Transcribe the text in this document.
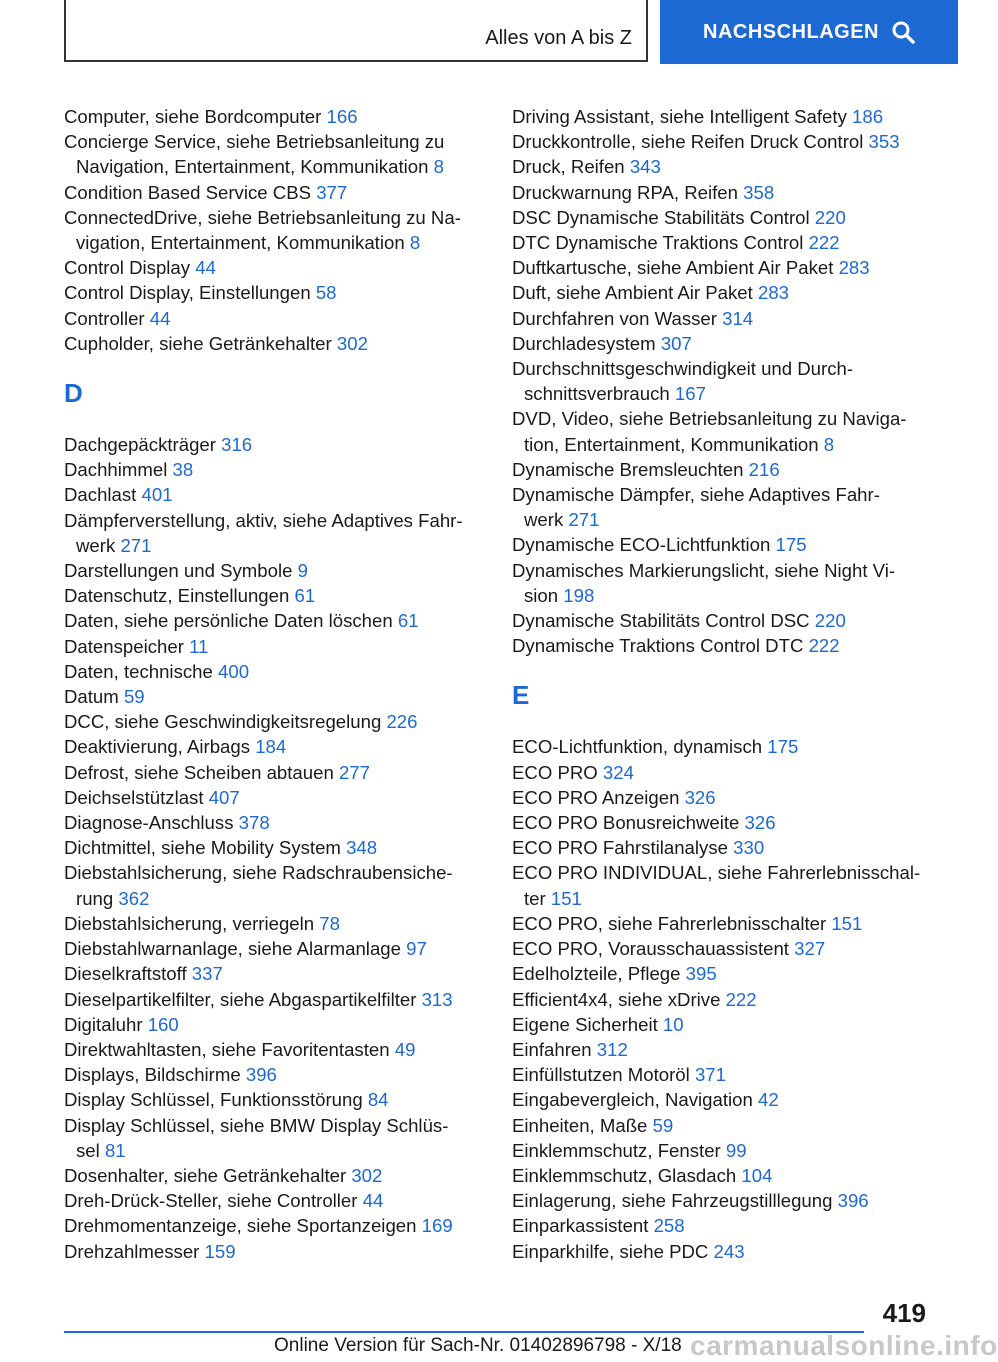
Alles von A bis Z	NACHSCHLAGEN
Computer, siehe Bordcomputer 166
Concierge Service, siehe Betriebsanleitung zu
Navigation, Entertainment, Kommunikation 8
Condition Based Service CBS 377
ConnectedDrive, siehe Betriebsanleitung zu Na-
vigation, Entertainment, Kommunikation 8
Control Display 44
Control Display, Einstellungen 58
Controller 44
Cupholder, siehe Getränkehalter 302
D
Dachgepäckträger 316
Dachhimmel 38
Dachlast 401
Dämpferverstellung, aktiv, siehe Adaptives Fahr-
werk 271
Darstellungen und Symbole 9
Datenschutz, Einstellungen 61
Daten, siehe persönliche Daten löschen 61
Datenspeicher 11
Daten, technische 400
Datum 59
DCC, siehe Geschwindigkeitsregelung 226
Deaktivierung, Airbags 184
Defrost, siehe Scheiben abtauen 277
Deichselstützlast 407
Diagnose-Anschluss 378
Dichtmittel, siehe Mobility System 348
Diebstahlsicherung, siehe Radschraubensiche-
rung 362
Diebstahlsicherung, verriegeln 78
Diebstahlwarnanlage, siehe Alarmanlage 97
Dieselkraftstoff 337
Dieselpartikelfilter, siehe Abgaspartikelfilter 313
Digitaluhr 160
Direktwahltasten, siehe Favoritentasten 49
Displays, Bildschirme 396
Display Schlüssel, Funktionsstörung 84
Display Schlüssel, siehe BMW Display Schlüs-
sel 81
Dosenhalter, siehe Getränkehalter 302
Dreh-Drück-Steller, siehe Controller 44
Drehmomentanzeige, siehe Sportanzeigen 169
Drehzahlmesser 159
Driving Assistant, siehe Intelligent Safety 186
Druckkontrolle, siehe Reifen Druck Control 353
Druck, Reifen 343
Druckwarnung RPA, Reifen 358
DSC Dynamische Stabilitäts Control 220
DTC Dynamische Traktions Control 222
Duftkartusche, siehe Ambient Air Paket 283
Duft, siehe Ambient Air Paket 283
Durchfahren von Wasser 314
Durchladesystem 307
Durchschnittsgeschwindigkeit und Durch-
schnittsverbrauch 167
DVD, Video, siehe Betriebsanleitung zu Naviga-
tion, Entertainment, Kommunikation 8
Dynamische Bremsleuchten 216
Dynamische Dämpfer, siehe Adaptives Fahr-
werk 271
Dynamische ECO-Lichtfunktion 175
Dynamisches Markierungslicht, siehe Night Vi-
sion 198
Dynamische Stabilitäts Control DSC 220
Dynamische Traktions Control DTC 222
E
ECO-Lichtfunktion, dynamisch 175
ECO PRO 324
ECO PRO Anzeigen 326
ECO PRO Bonusreichweite 326
ECO PRO Fahrstilanalyse 330
ECO PRO INDIVIDUAL, siehe Fahrerlebnisschal-
ter 151
ECO PRO, siehe Fahrerlebnisschalter 151
ECO PRO, Vorausschauassistent 327
Edelholzteile, Pflege 395
Efficient4x4, siehe xDrive 222
Eigene Sicherheit 10
Einfahren 312
Einfüllstutzen Motoröl 371
Eingabevergleich, Navigation 42
Einheiten, Maße 59
Einklemmschutz, Fenster 99
Einklemmschutz, Glasdach 104
Einlagerung, siehe Fahrzeugstilllegung 396
Einparkassistent 258
Einparkhilfe, siehe PDC 243
419
Online Version für Sach-Nr. 01402896798 - X/18 carmanualsonline.info
